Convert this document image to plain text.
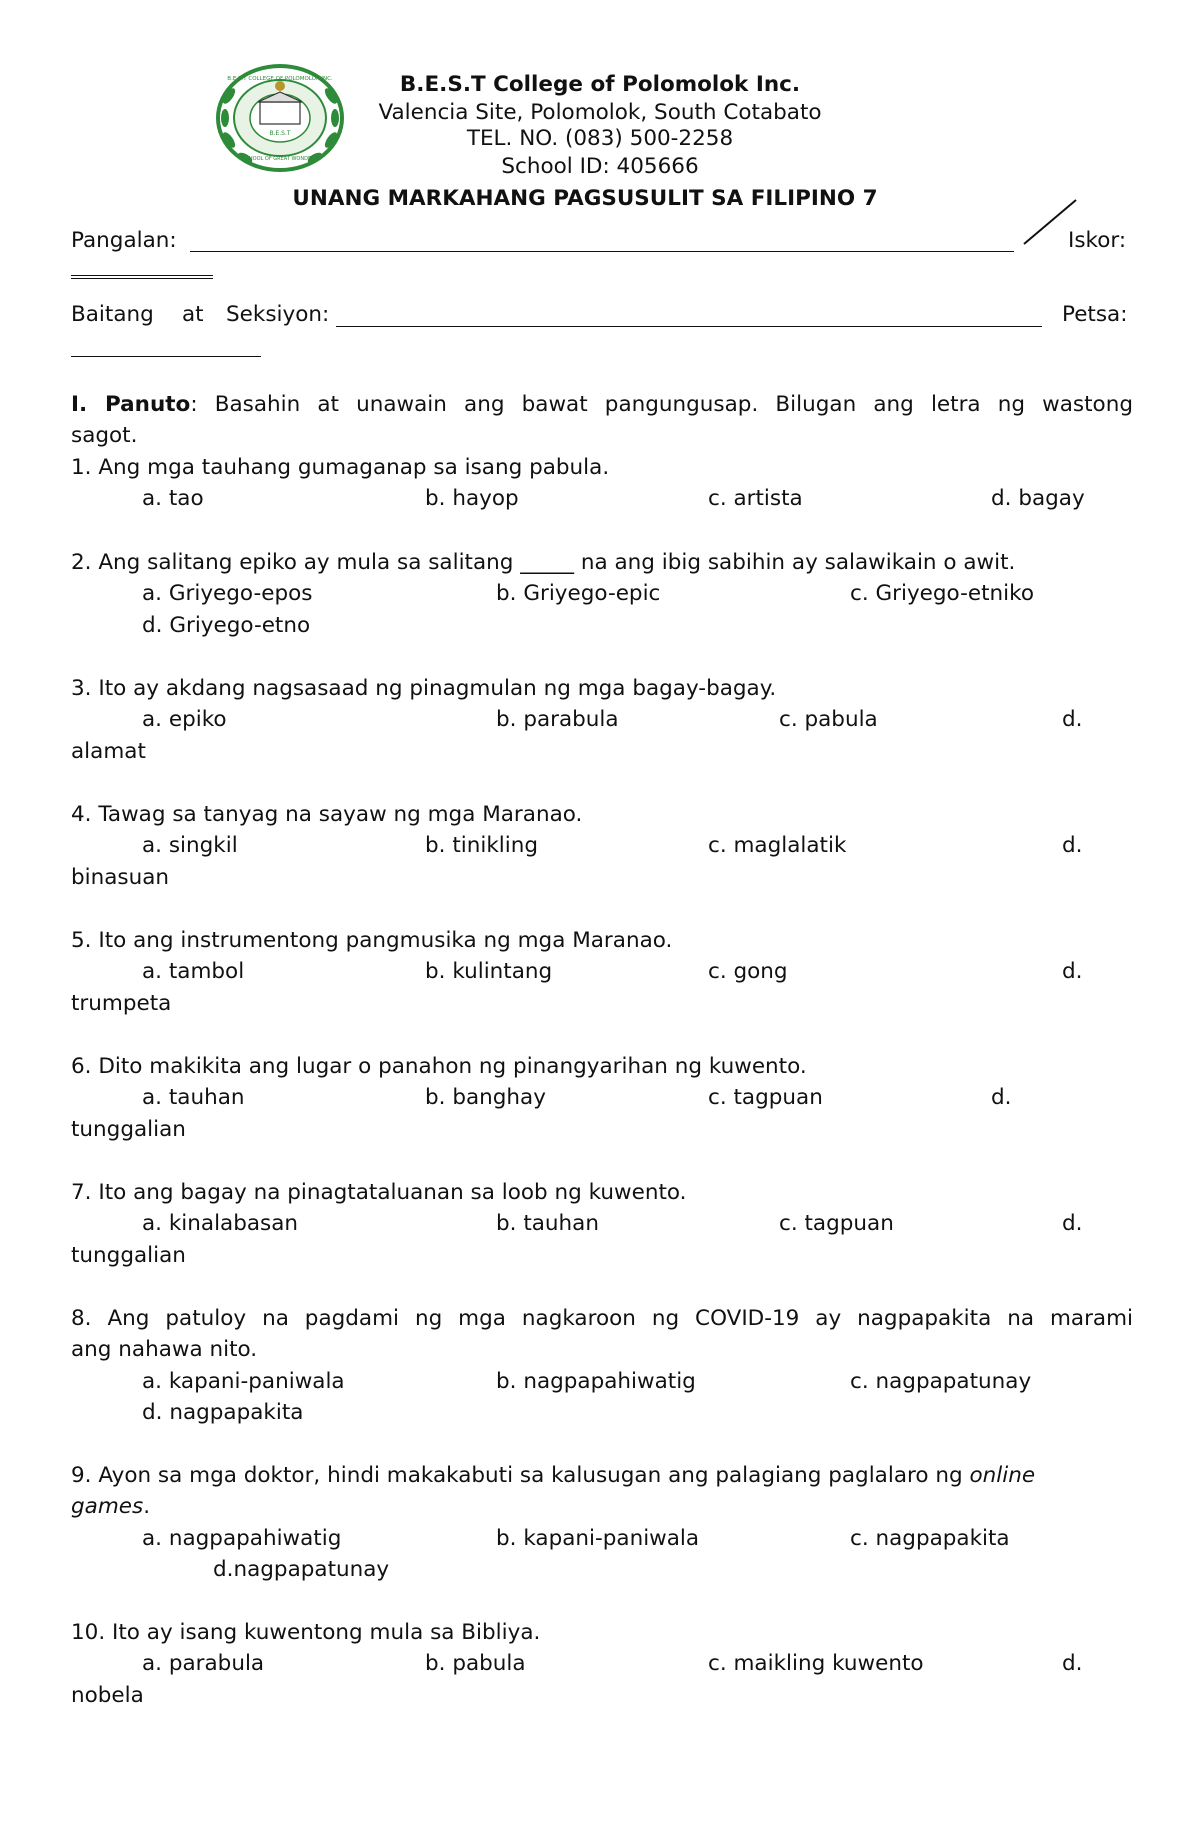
B.E.S.T
B.E.S.T COLLEGE OF POLOMOLOK INC.
SCHOOL OF GREAT WONDERS
B.E.S.T College of Polomolok Inc.
Valencia Site, Polomolok, South Cotabato
TEL. NO. (083) 500-2258
School ID: 405666
UNANG MARKAHANG PAGSUSULIT SA FILIPINO 7
Pangalan:	Iskor:
Baitang at Seksiyon:	Petsa:
I. Panuto: Basahin at unawain ang bawat pangungusap. Bilugan ang letra ng wastong
sagot.
1. Ang mga tauhang gumaganap sa isang pabula.
a. tao	b. hayop	c. artista	d. bagay
2. Ang salitang epiko ay mula sa salitang _____ na ang ibig sabihin ay salawikain o awit.
a. Griyego-epos	b. Griyego-epic	c. Griyego-etniko
d. Griyego-etno
3. Ito ay akdang nagsasaad ng pinagmulan ng mga bagay-bagay.
a. epiko	b. parabula	c. pabula	d.
alamat
4. Tawag sa tanyag na sayaw ng mga Maranao.
a. singkil	b. tinikling	c. maglalatik	d.
binasuan
5. Ito ang instrumentong pangmusika ng mga Maranao.
a. tambol	b. kulintang	c. gong	d.
trumpeta
6. Dito makikita ang lugar o panahon ng pinangyarihan ng kuwento.
a. tauhan	b. banghay	c. tagpuan	d.
tunggalian
7. Ito ang bagay na pinagtataluanan sa loob ng kuwento.
a. kinalabasan	b. tauhan	c. tagpuan	d.
tunggalian
8. Ang patuloy na pagdami ng mga nagkaroon ng COVID-19 ay nagpapakita na marami
ang nahawa nito.
a. kapani-paniwala	b. nagpapahiwatig	c. nagpapatunay
d. nagpapakita
9. Ayon sa mga doktor, hindi makakabuti sa kalusugan ang palagiang paglalaro ng online
games.
a. nagpapahiwatig	b. kapani-paniwala	c. nagpapakita
d.nagpapatunay
10. Ito ay isang kuwentong mula sa Bibliya.
a. parabula	b. pabula	c. maikling kuwento	d.
nobela
